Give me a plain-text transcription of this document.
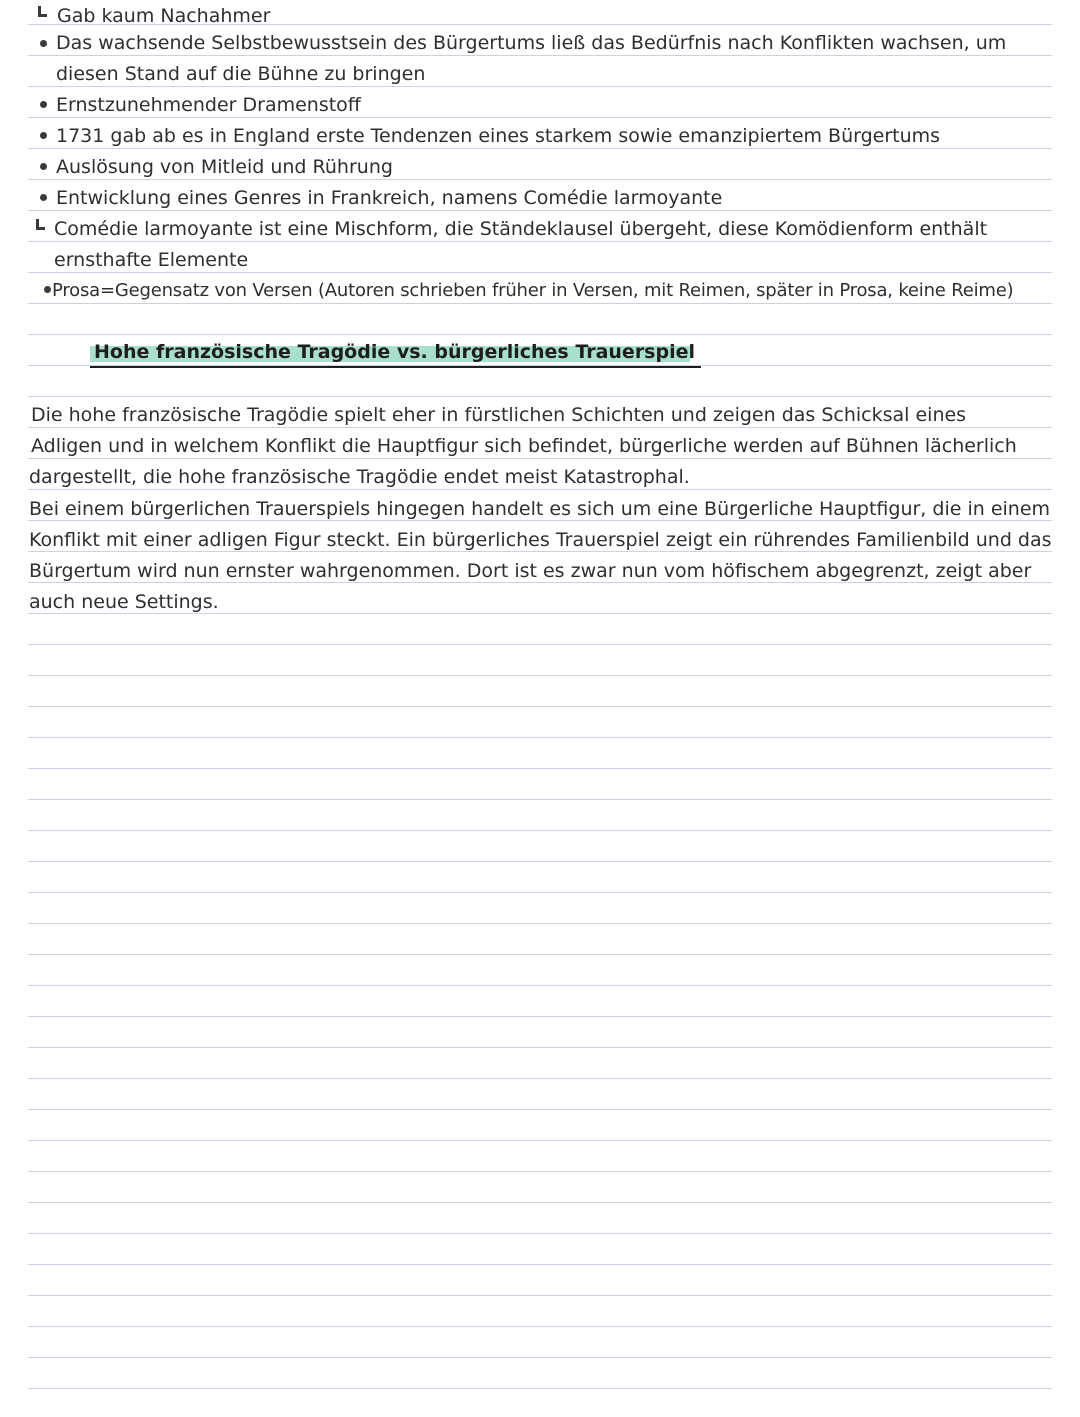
Gab kaum Nachahmer
Das wachsende Selbstbewusstsein des Bürgertums ließ das Bedürfnis nach Konflikten wachsen, um
diesen Stand auf die Bühne zu bringen
Ernstzunehmender Dramenstoff
1731 gab ab es in England erste Tendenzen eines starkem sowie emanzipiertem Bürgertums
Auslösung von Mitleid und Rührung
Entwicklung eines Genres in Frankreich, namens Comédie larmoyante
Comédie larmoyante ist eine Mischform, die Ständeklausel übergeht, diese Komödienform enthält
ernsthafte Elemente
Prosa=Gegensatz von Versen (Autoren schrieben früher in Versen, mit Reimen, später in Prosa, keine Reime)
Hohe französische Tragödie vs. bürgerliches Trauerspiel
Die hohe französische Tragödie spielt eher in fürstlichen Schichten und zeigen das Schicksal eines
Adligen und in welchem Konflikt die Hauptfigur sich befindet, bürgerliche werden auf Bühnen lächerlich
dargestellt, die hohe französische Tragödie endet meist Katastrophal.
Bei einem bürgerlichen Trauerspiels hingegen handelt es sich um eine Bürgerliche Hauptfigur, die in einem
Konflikt mit einer adligen Figur steckt. Ein bürgerliches Trauerspiel zeigt ein rührendes Familienbild und das
Bürgertum wird nun ernster wahrgenommen. Dort ist es zwar nun vom höfischem abgegrenzt, zeigt aber
auch neue Settings.
